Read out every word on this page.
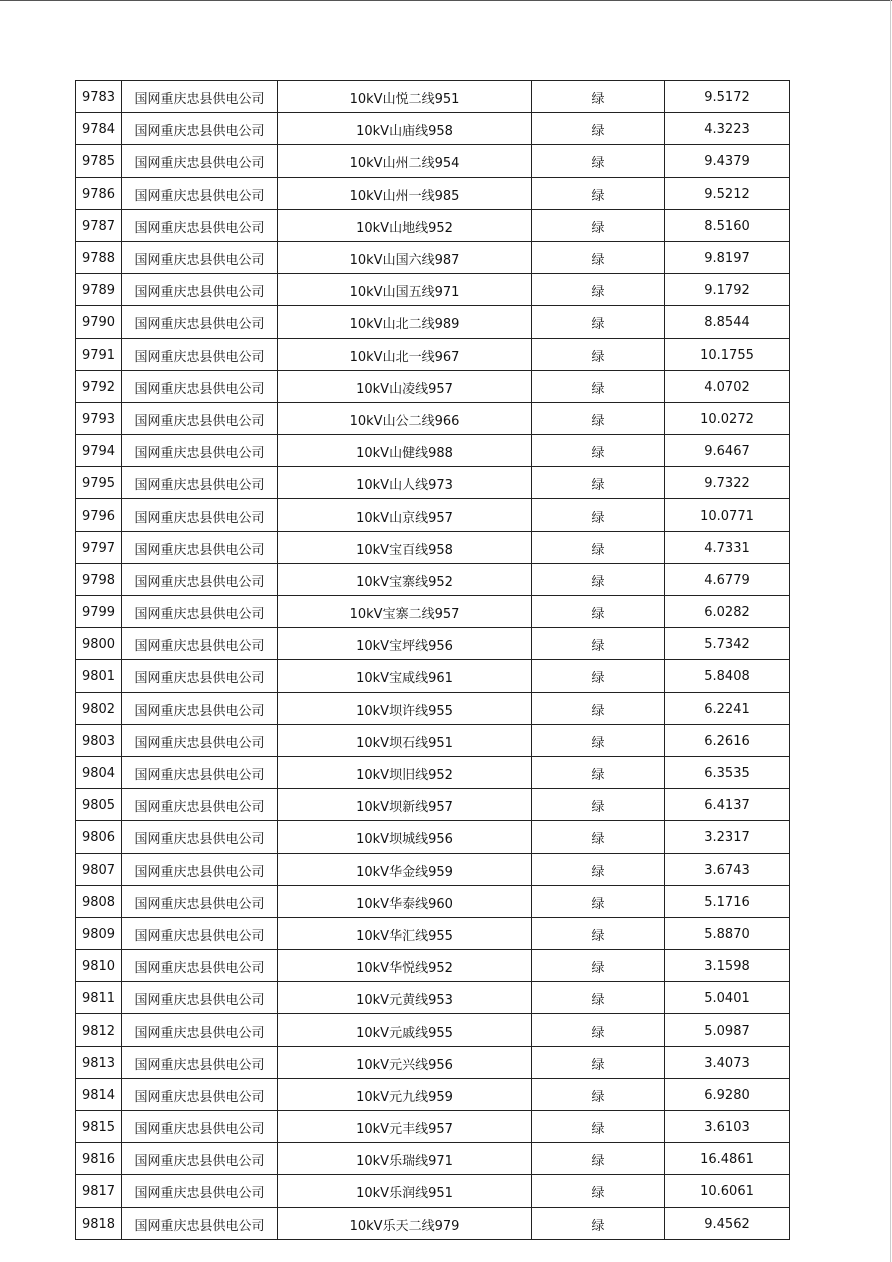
9783	国网重庆忠县供电公司	10kV山悦二线951	绿	9.5172
9784	国网重庆忠县供电公司	10kV山庙线958	绿	4.3223
9785	国网重庆忠县供电公司	10kV山州二线954	绿	9.4379
9786	国网重庆忠县供电公司	10kV山州一线985	绿	9.5212
9787	国网重庆忠县供电公司	10kV山地线952	绿	8.5160
9788	国网重庆忠县供电公司	10kV山国六线987	绿	9.8197
9789	国网重庆忠县供电公司	10kV山国五线971	绿	9.1792
9790	国网重庆忠县供电公司	10kV山北二线989	绿	8.8544
9791	国网重庆忠县供电公司	10kV山北一线967	绿	10.1755
9792	国网重庆忠县供电公司	10kV山凌线957	绿	4.0702
9793	国网重庆忠县供电公司	10kV山公二线966	绿	10.0272
9794	国网重庆忠县供电公司	10kV山健线988	绿	9.6467
9795	国网重庆忠县供电公司	10kV山人线973	绿	9.7322
9796	国网重庆忠县供电公司	10kV山京线957	绿	10.0771
9797	国网重庆忠县供电公司	10kV宝百线958	绿	4.7331
9798	国网重庆忠县供电公司	10kV宝寨线952	绿	4.6779
9799	国网重庆忠县供电公司	10kV宝寨二线957	绿	6.0282
9800	国网重庆忠县供电公司	10kV宝坪线956	绿	5.7342
9801	国网重庆忠县供电公司	10kV宝咸线961	绿	5.8408
9802	国网重庆忠县供电公司	10kV坝许线955	绿	6.2241
9803	国网重庆忠县供电公司	10kV坝石线951	绿	6.2616
9804	国网重庆忠县供电公司	10kV坝旧线952	绿	6.3535
9805	国网重庆忠县供电公司	10kV坝新线957	绿	6.4137
9806	国网重庆忠县供电公司	10kV坝城线956	绿	3.2317
9807	国网重庆忠县供电公司	10kV华金线959	绿	3.6743
9808	国网重庆忠县供电公司	10kV华泰线960	绿	5.1716
9809	国网重庆忠县供电公司	10kV华汇线955	绿	5.8870
9810	国网重庆忠县供电公司	10kV华悦线952	绿	3.1598
9811	国网重庆忠县供电公司	10kV元黄线953	绿	5.0401
9812	国网重庆忠县供电公司	10kV元戚线955	绿	5.0987
9813	国网重庆忠县供电公司	10kV元兴线956	绿	3.4073
9814	国网重庆忠县供电公司	10kV元九线959	绿	6.9280
9815	国网重庆忠县供电公司	10kV元丰线957	绿	3.6103
9816	国网重庆忠县供电公司	10kV乐瑞线971	绿	16.4861
9817	国网重庆忠县供电公司	10kV乐润线951	绿	10.6061
9818	国网重庆忠县供电公司	10kV乐天二线979	绿	9.4562
